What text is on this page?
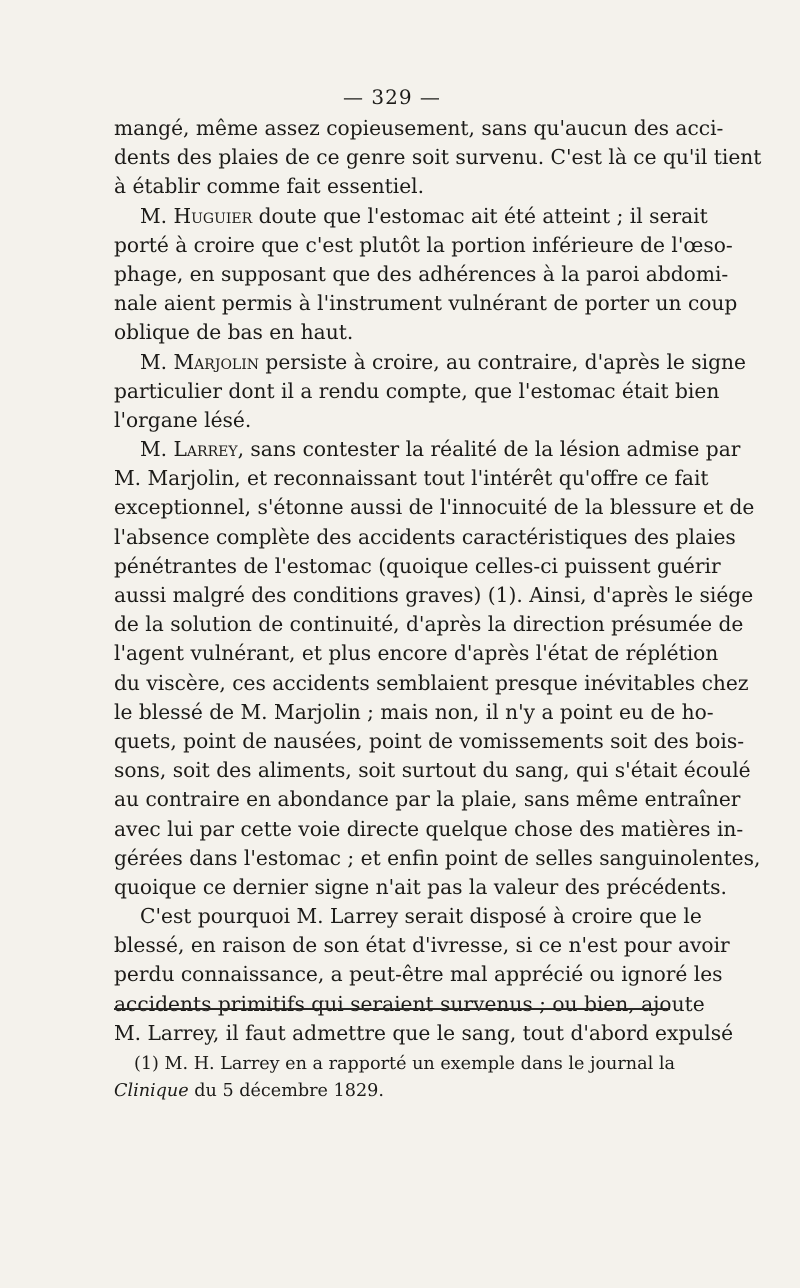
— 329 —
mangé, même assez copieusement, sans qu'aucun des acci-
dents des plaies de ce genre soit survenu. C'est là ce qu'il tient
à établir comme fait essentiel.
M. Huguier doute que l'estomac ait été atteint ; il serait
porté à croire que c'est plutôt la portion inférieure de l'œso-
phage, en supposant que des adhérences à la paroi abdomi-
nale aient permis à l'instrument vulnérant de porter un coup
oblique de bas en haut.
M. Marjolin persiste à croire, au contraire, d'après le signe
particulier dont il a rendu compte, que l'estomac était bien
l'organe lésé.
M. Larrey, sans contester la réalité de la lésion admise par
M. Marjolin, et reconnaissant tout l'intérêt qu'offre ce fait
exceptionnel, s'étonne aussi de l'innocuité de la blessure et de
l'absence complète des accidents caractéristiques des plaies
pénétrantes de l'estomac (quoique celles-ci puissent guérir
aussi malgré des conditions graves) (1). Ainsi, d'après le siége
de la solution de continuité, d'après la direction présumée de
l'agent vulnérant, et plus encore d'après l'état de réplétion
du viscère, ces accidents semblaient presque inévitables chez
le blessé de M. Marjolin ; mais non, il n'y a point eu de ho-
quets, point de nausées, point de vomissements soit des bois-
sons, soit des aliments, soit surtout du sang, qui s'était écoulé
au contraire en abondance par la plaie, sans même entraîner
avec lui par cette voie directe quelque chose des matières in-
gérées dans l'estomac ; et enfin point de selles sanguinolentes,
quoique ce dernier signe n'ait pas la valeur des précédents.
C'est pourquoi M. Larrey serait disposé à croire que le
blessé, en raison de son état d'ivresse, si ce n'est pour avoir
perdu connaissance, a peut-être mal apprécié ou ignoré les
accidents primitifs qui seraient survenus ; ou bien, ajoute
M. Larrey, il faut admettre que le sang, tout d'abord expulsé
(1) M. H. Larrey en a rapporté un exemple dans le journal la
Clinique du 5 décembre 1829.
